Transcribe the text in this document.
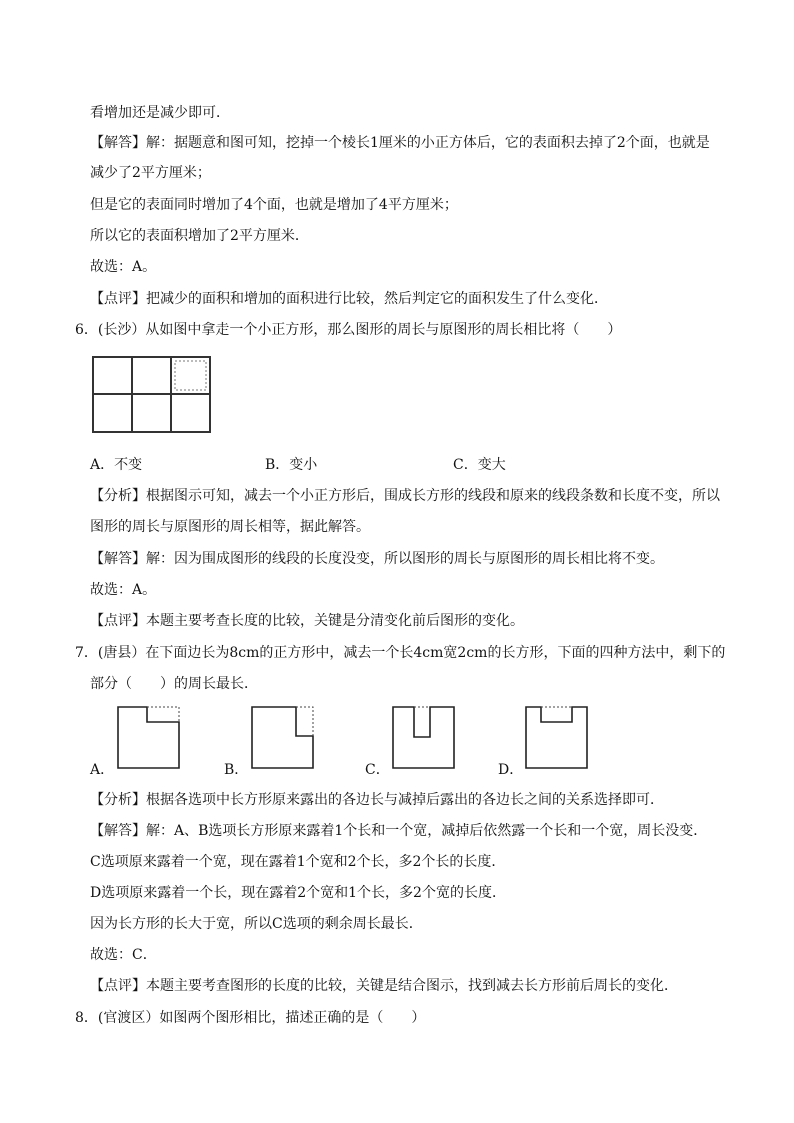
看增加还是减少即可．
【解答】解：据题意和图可知，挖掉一个棱长1厘米的小正方体后，它的表面积去掉了2个面，也就是
减少了2平方厘米；
但是它的表面同时增加了4个面，也就是增加了4平方厘米；
所以它的表面积增加了2平方厘米．
故选：A。
【点评】把减少的面积和增加的面积进行比较，然后判定它的面积发生了什么变化．
6．(长沙）从如图中拿走一个小正方形，那么图形的周长与原图形的周长相比将（　　）
A．不变	B．变小	C．变大
【分析】根据图示可知，减去一个小正方形后，围成长方形的线段和原来的线段条数和长度不变，所以
图形的周长与原图形的周长相等，据此解答。
【解答】解：因为围成图形的线段的长度没变，所以图形的周长与原图形的周长相比将不变。
故选：A。
【点评】本题主要考查长度的比较，关键是分清变化前后图形的变化。
7．(唐县）在下面边长为8cm的正方形中，减去一个长4cm宽2cm的长方形，下面的四种方法中，剩下的
部分（　　）的周长最长．
A．	B．	C．	D．
【分析】根据各选项中长方形原来露出的各边长与减掉后露出的各边长之间的关系选择即可．
【解答】解：A、B选项长方形原来露着1个长和一个宽，减掉后依然露一个长和一个宽，周长没变．
C选项原来露着一个宽，现在露着1个宽和2个长，多2个长的长度．
D选项原来露着一个长，现在露着2个宽和1个长，多2个宽的长度．
因为长方形的长大于宽，所以C选项的剩余周长最长．
故选：C．
【点评】本题主要考查图形的长度的比较，关键是结合图示，找到减去长方形前后周长的变化．
8．(官渡区）如图两个图形相比，描述正确的是（　　）
